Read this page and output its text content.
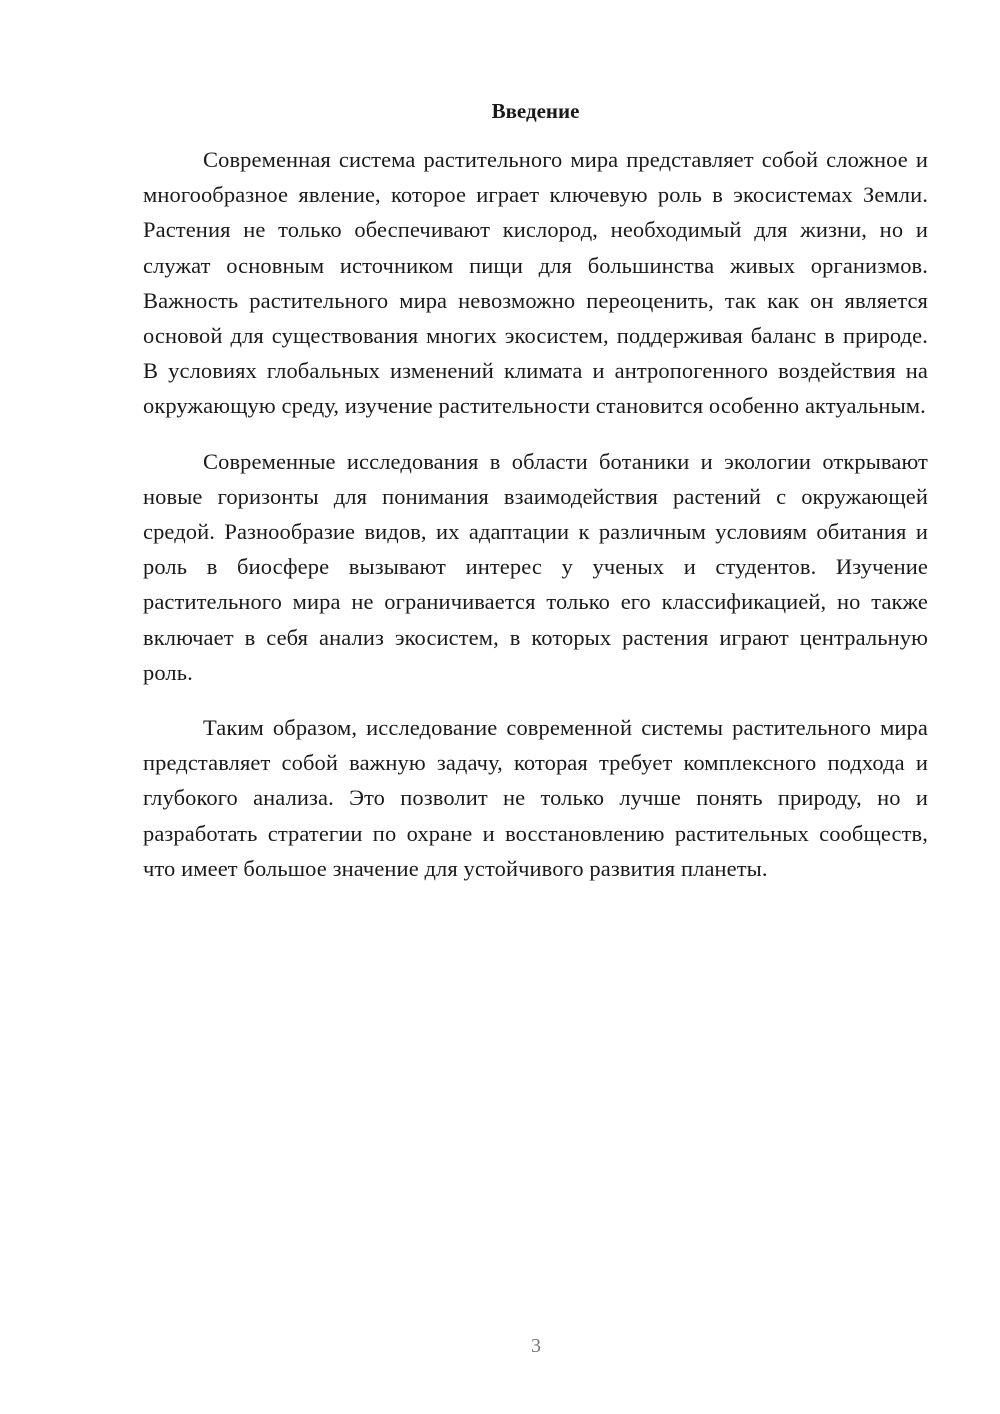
Введение

Современная система растительного мира представляет собой сложное и многообразное явление, которое играет ключевую роль в экосистемах Земли. Растения не только обеспечивают кислород, необходимый для жизни, но и служат основным источником пищи для большинства живых организмов. Важность растительного мира невозможно переоценить, так как он является основой для существования многих экосистем, поддерживая баланс в природе. В условиях глобальных изменений климата и антропогенного воздействия на окружающую среду, изучение растительности становится особенно актуальным.

Современные исследования в области ботаники и экологии открывают новые горизонты для понимания взаимодействия растений с окружающей средой. Разнообразие видов, их адаптации к различным условиям обитания и роль в биосфере вызывают интерес у ученых и студентов. Изучение растительного мира не ограничивается только его классификацией, но также включает в себя анализ экосистем, в которых растения играют центральную роль.

Таким образом, исследование современной системы растительного мира представляет собой важную задачу, которая требует комплексного подхода и глубокого анализа. Это позволит не только лучше понять природу, но и разработать стратегии по охране и восстановлению растительных сообществ, что имеет большое значение для устойчивого развития планеты.

3
